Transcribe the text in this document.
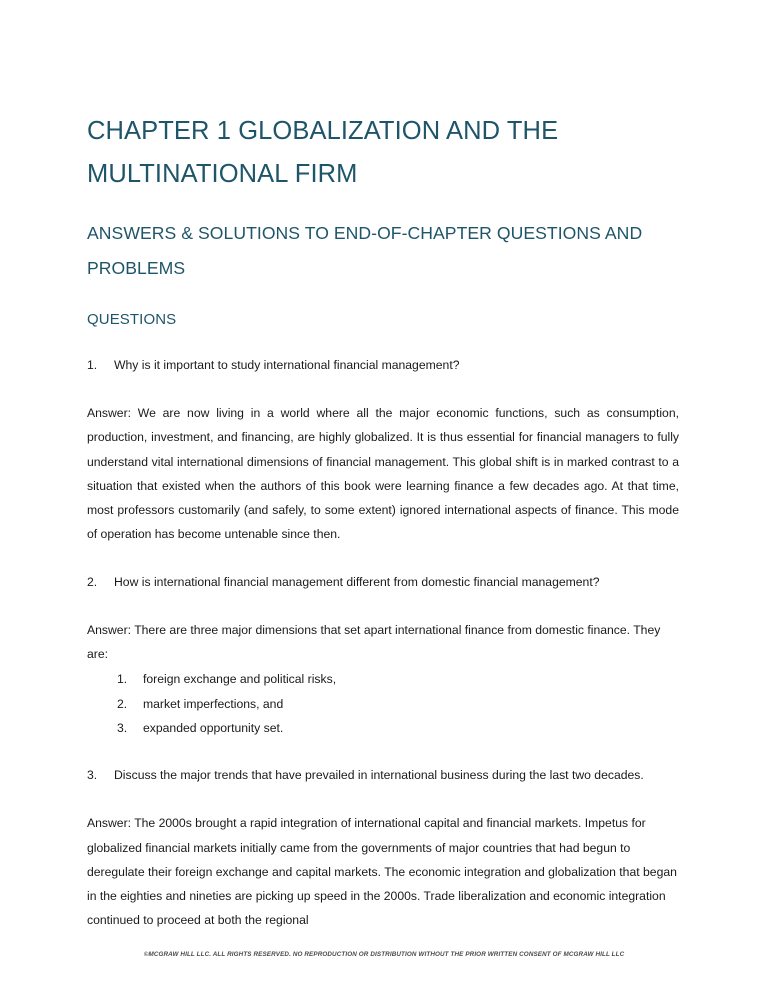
CHAPTER 1 GLOBALIZATION AND THE
MULTINATIONAL FIRM
ANSWERS & SOLUTIONS TO END-OF-CHAPTER QUESTIONS AND PROBLEMS
QUESTIONS
1.	Why is it important to study international financial management?

Answer: We are now living in a world where all the major economic functions, such as consumption, production, investment, and financing, are highly globalized. It is thus essential for financial managers to fully understand vital international dimensions of financial management. This global shift is in marked contrast to a situation that existed when the authors of this book were learning finance a few decades ago. At that time, most professors customarily (and safely, to some extent) ignored international aspects of finance. This mode of operation has become untenable since then.

2.	How is international financial management different from domestic financial management?

Answer: There are three major dimensions that set apart international finance from domestic finance. They are:

1.	foreign exchange and political risks,
2.	market imperfections, and
3.	expanded opportunity set.
3.	Discuss the major trends that have prevailed in international business during the last two decades.

Answer: The 2000s brought a rapid integration of international capital and financial markets. Impetus for globalized financial markets initially came from the governments of major countries that had begun to deregulate their foreign exchange and capital markets. The economic integration and globalization that began in the eighties and nineties are picking up speed in the 2000s. Trade liberalization and economic integration continued to proceed at both the regional

©MCGRAW HILL LLC. ALL RIGHTS RESERVED. NO REPRODUCTION OR DISTRIBUTION WITHOUT THE PRIOR WRITTEN CONSENT OF MCGRAW HILL LLC
